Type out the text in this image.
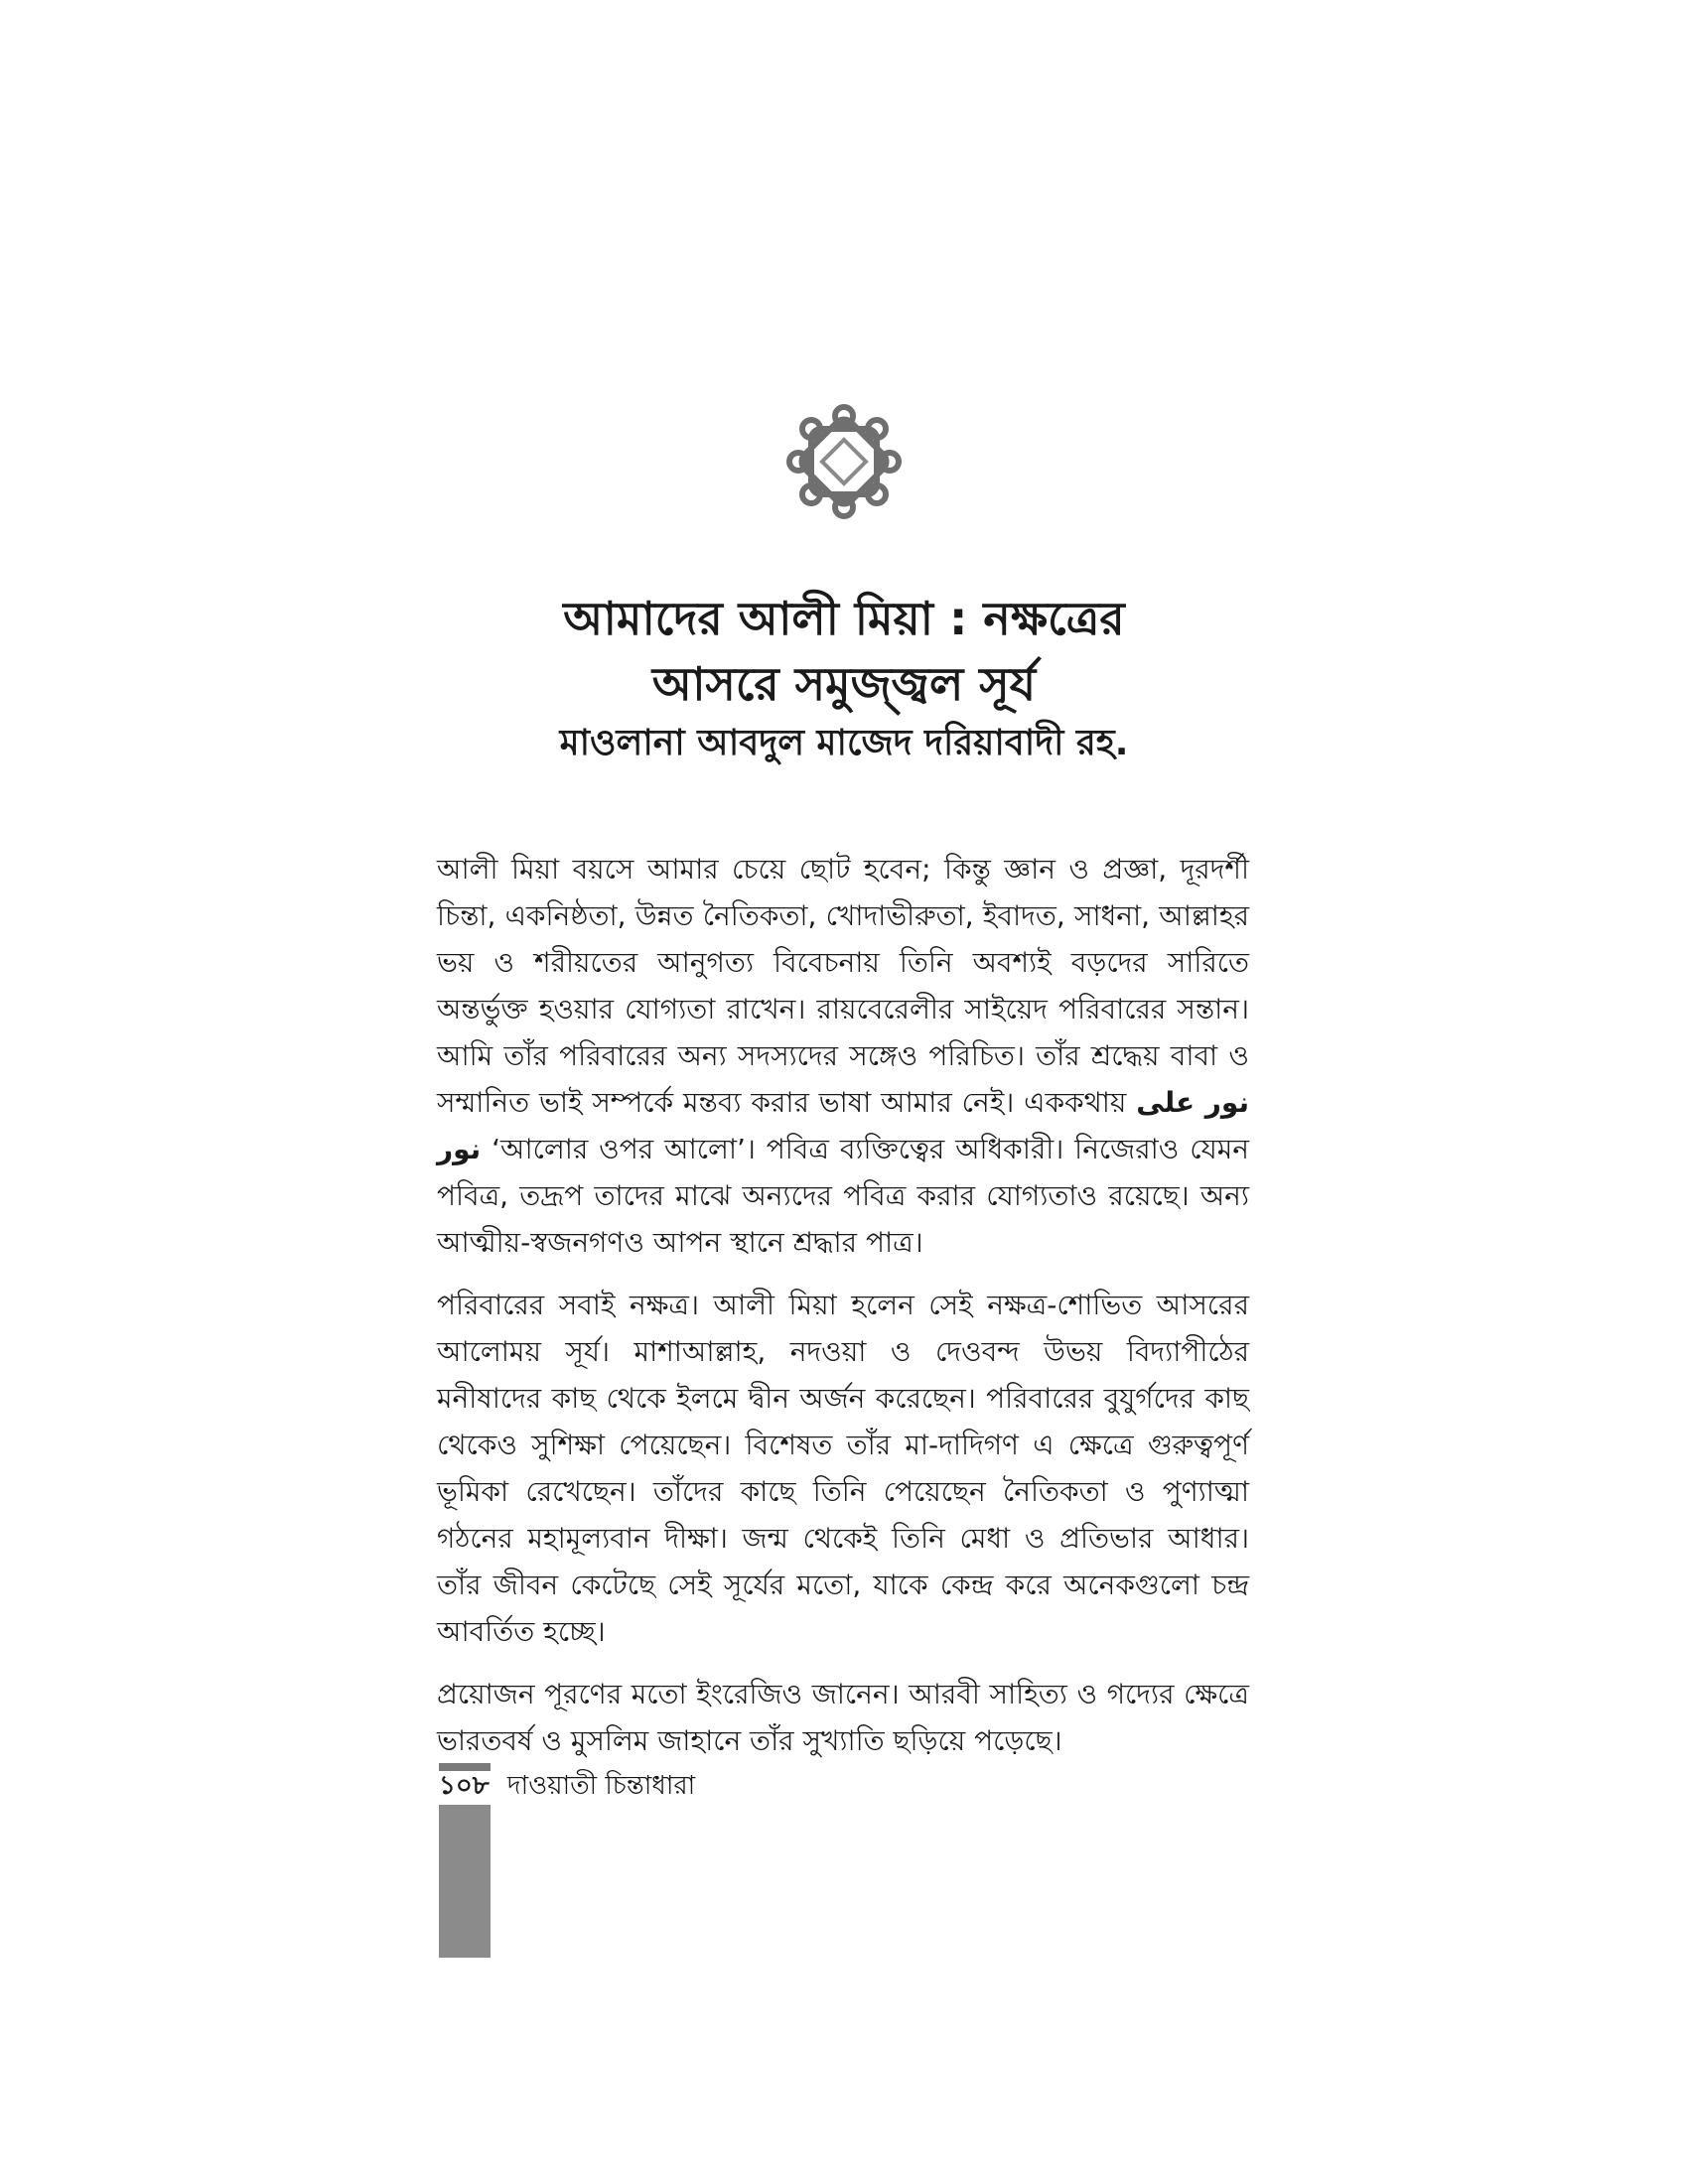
আমাদের আলী মিয়া : নক্ষত্রের

আসরে সমুজ্জ্বল সূর্য

মাওলানা আবদুল মাজেদ দরিয়াবাদী রহ.

আলী মিয়া বয়সে আমার চেয়ে ছোট হবেন; কিন্তু জ্ঞান ও প্রজ্ঞা, দূরদর্শী চিন্তা, একনিষ্ঠতা, উন্নত নৈতিকতা, খোদাভীরুতা, ইবাদত, সাধনা, আল্লাহর ভয় ও শরীয়তের আনুগত্য বিবেচনায় তিনি অবশ্যই বড়দের সারিতে অন্তর্ভুক্ত হওয়ার যোগ্যতা রাখেন। রায়বেরেলীর সাইয়েদ পরিবারের সন্তান। আমি তাঁর পরিবারের অন্য সদস্যদের সঙ্গেও পরিচিত। তাঁর শ্রদ্ধেয় বাবা ও সম্মানিত ভাই সম্পর্কে মন্তব্য করার ভাষা আমার নেই। এককথায় نور علی نور ‘আলোর ওপর আলো’। পবিত্র ব্যক্তিত্বের অধিকারী। নিজেরাও যেমন পবিত্র, তদ্রূপ তাদের মাঝে অন্যদের পবিত্র করার যোগ্যতাও রয়েছে। অন্য আত্মীয়-স্বজনগণও আপন স্থানে শ্রদ্ধার পাত্র।

পরিবারের সবাই নক্ষত্র। আলী মিয়া হলেন সেই নক্ষত্র-শোভিত আসরের আলোময় সূর্য। মাশাআল্লাহ, নদওয়া ও দেওবন্দ উভয় বিদ্যাপীঠের মনীষাদের কাছ থেকে ইলমে দ্বীন অর্জন করেছেন। পরিবারের বুযুর্গদের কাছ থেকেও সুশিক্ষা পেয়েছেন। বিশেষত তাঁর মা-দাদিগণ এ ক্ষেত্রে গুরুত্বপূর্ণ ভূমিকা রেখেছেন। তাঁদের কাছে তিনি পেয়েছেন নৈতিকতা ও পুণ্যাত্মা গঠনের মহামূল্যবান দীক্ষা। জন্ম থেকেই তিনি মেধা ও প্রতিভার আধার। তাঁর জীবন কেটেছে সেই সূর্যের মতো, যাকে কেন্দ্র করে অনেকগুলো চন্দ্র আবর্তিত হচ্ছে।

প্রয়োজন পূরণের মতো ইংরেজিও জানেন। আরবী সাহিত্য ও গদ্যের ক্ষেত্রে ভারতবর্ষ ও মুসলিম জাহানে তাঁর সুখ্যাতি ছড়িয়ে পড়েছে।

১০৮ দাওয়াতী চিন্তাধারা
